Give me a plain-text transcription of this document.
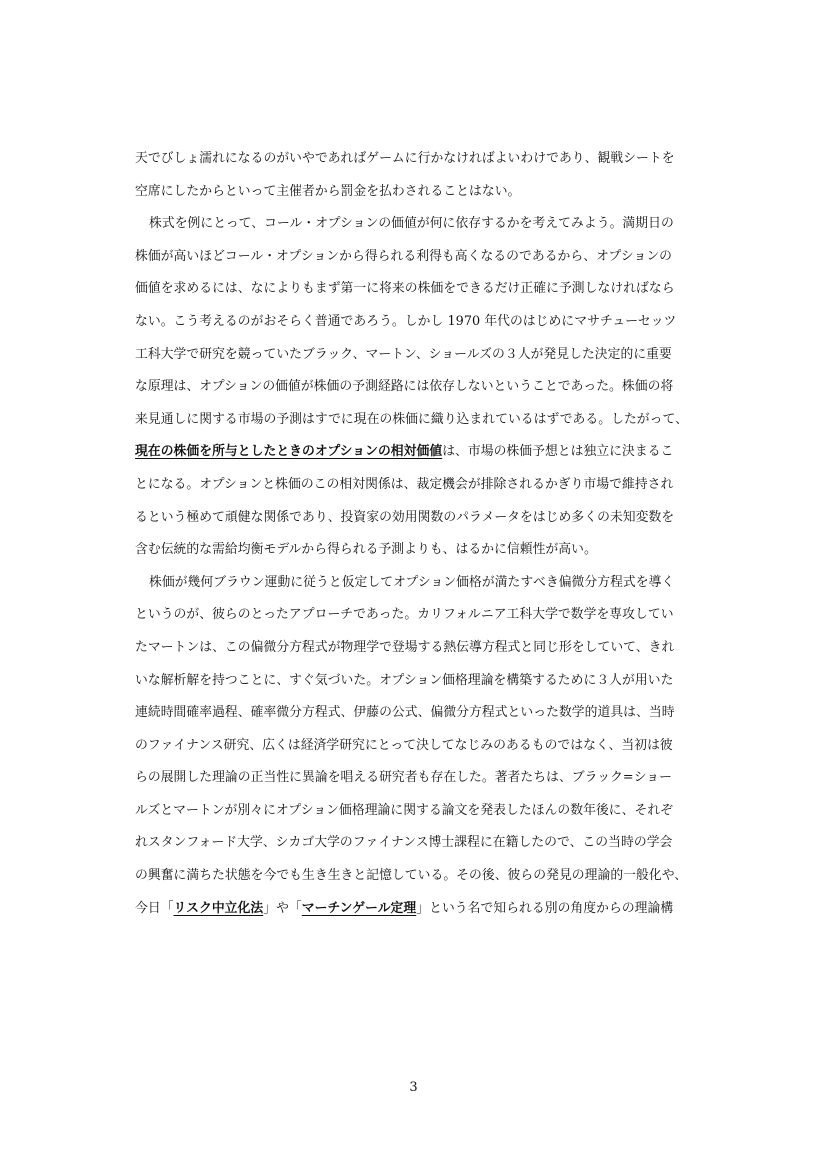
天でびしょ濡れになるのがいやであればゲームに行かなければよいわけであり、観戦シートを
空席にしたからといって主催者から罰金を払わされることはない。
株式を例にとって、コール・オプションの価値が何に依存するかを考えてみよう。満期日の
株価が高いほどコール・オプションから得られる利得も高くなるのであるから、オプションの
価値を求めるには、なによりもまず第一に将来の株価をできるだけ正確に予測しなければなら
ない。こう考えるのがおそらく普通であろう。しかし 1970 年代のはじめにマサチューセッツ
工科大学で研究を競っていたブラック、マートン、ショールズの３人が発見した決定的に重要
な原理は、オプションの価値が株価の予測経路には依存しないということであった。株価の将
来見通しに関する市場の予測はすでに現在の株価に織り込まれているはずである。したがって、
現在の株価を所与としたときのオプションの相対価値は、市場の株価予想とは独立に決まるこ
とになる。オプションと株価のこの相対関係は、裁定機会が排除されるかぎり市場で維持され
るという極めて頑健な関係であり、投資家の効用関数のパラメータをはじめ多くの未知変数を
含む伝統的な需給均衡モデルから得られる予測よりも、はるかに信頼性が高い。
株価が幾何ブラウン運動に従うと仮定してオプション価格が満たすべき偏微分方程式を導く
というのが、彼らのとったアプローチであった。カリフォルニア工科大学で数学を専攻してい
たマートンは、この偏微分方程式が物理学で登場する熱伝導方程式と同じ形をしていて、きれ
いな解析解を持つことに、すぐ気づいた。オプション価格理論を構築するために３人が用いた
連続時間確率過程、確率微分方程式、伊藤の公式、偏微分方程式といった数学的道具は、当時
のファイナンス研究、広くは経済学研究にとって決してなじみのあるものではなく、当初は彼
らの展開した理論の正当性に異論を唱える研究者も存在した。著者たちは、ブラック=ショー
ルズとマートンが別々にオプション価格理論に関する論文を発表したほんの数年後に、それぞ
れスタンフォード大学、シカゴ大学のファイナンス博士課程に在籍したので、この当時の学会
の興奮に満ちた状態を今でも生き生きと記憶している。その後、彼らの発見の理論的一般化や、
今日「リスク中立化法」や「マーチンゲール定理」という名で知られる別の角度からの理論構
3
